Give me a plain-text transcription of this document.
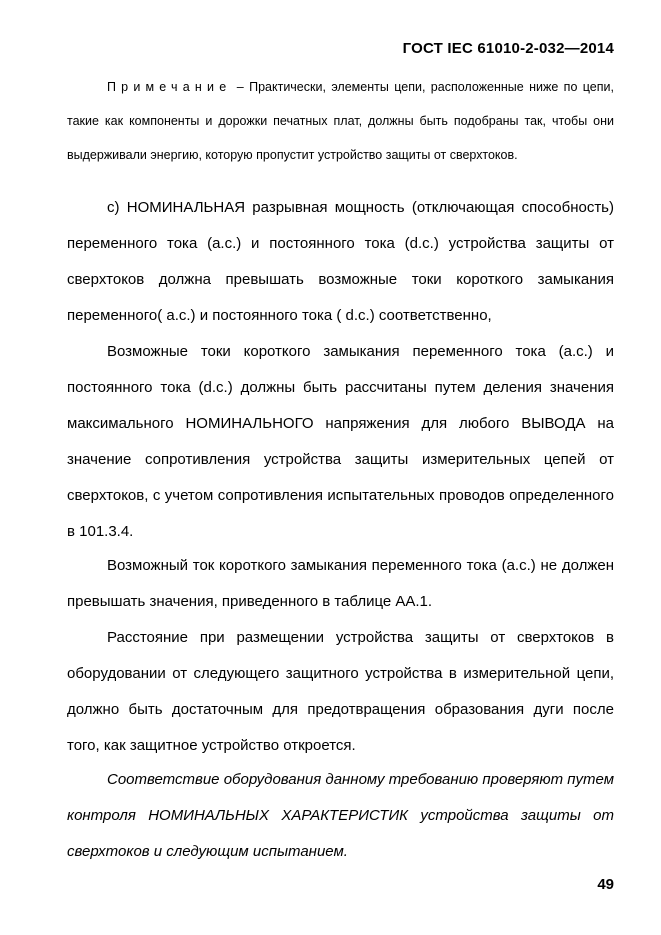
ГОСТ IEC 61010-2-032—2014
Примечание – Практически, элементы цепи, расположенные ниже по цепи, такие как компоненты и дорожки печатных плат, должны быть подобраны так, чтобы они выдерживали энергию, которую пропустит устройство защиты от сверхтоков.

c) НОМИНАЛЬНАЯ разрывная мощность (отключающая способность) переменного тока (a.c.) и постоянного тока (d.c.) устройства защиты от сверхтоков должна превышать возможные токи короткого замыкания переменного( a.c.) и постоянного тока ( d.c.) соответственно,

Возможные токи короткого замыкания переменного тока (a.c.) и постоянного тока (d.c.) должны быть рассчитаны путем деления значения максимального НОМИНАЛЬНОГО напряжения для любого ВЫВОДА на значение сопротивления устройства защиты измерительных цепей от сверхтоков, с учетом сопротивления испытательных проводов определенного в 101.3.4.

Возможный ток короткого замыкания переменного тока (a.c.) не должен превышать значения, приведенного в таблице АА.1.

Расстояние при размещении устройства защиты от сверхтоков в оборудовании от следующего защитного устройства в измерительной цепи, должно быть достаточным для предотвращения образования дуги после того, как защитное устройство откроется.

Соответствие оборудования данному требованию проверяют путем контроля НОМИНАЛЬНЫХ ХАРАКТЕРИСТИК устройства защиты от сверхтоков и следующим испытанием.

49
